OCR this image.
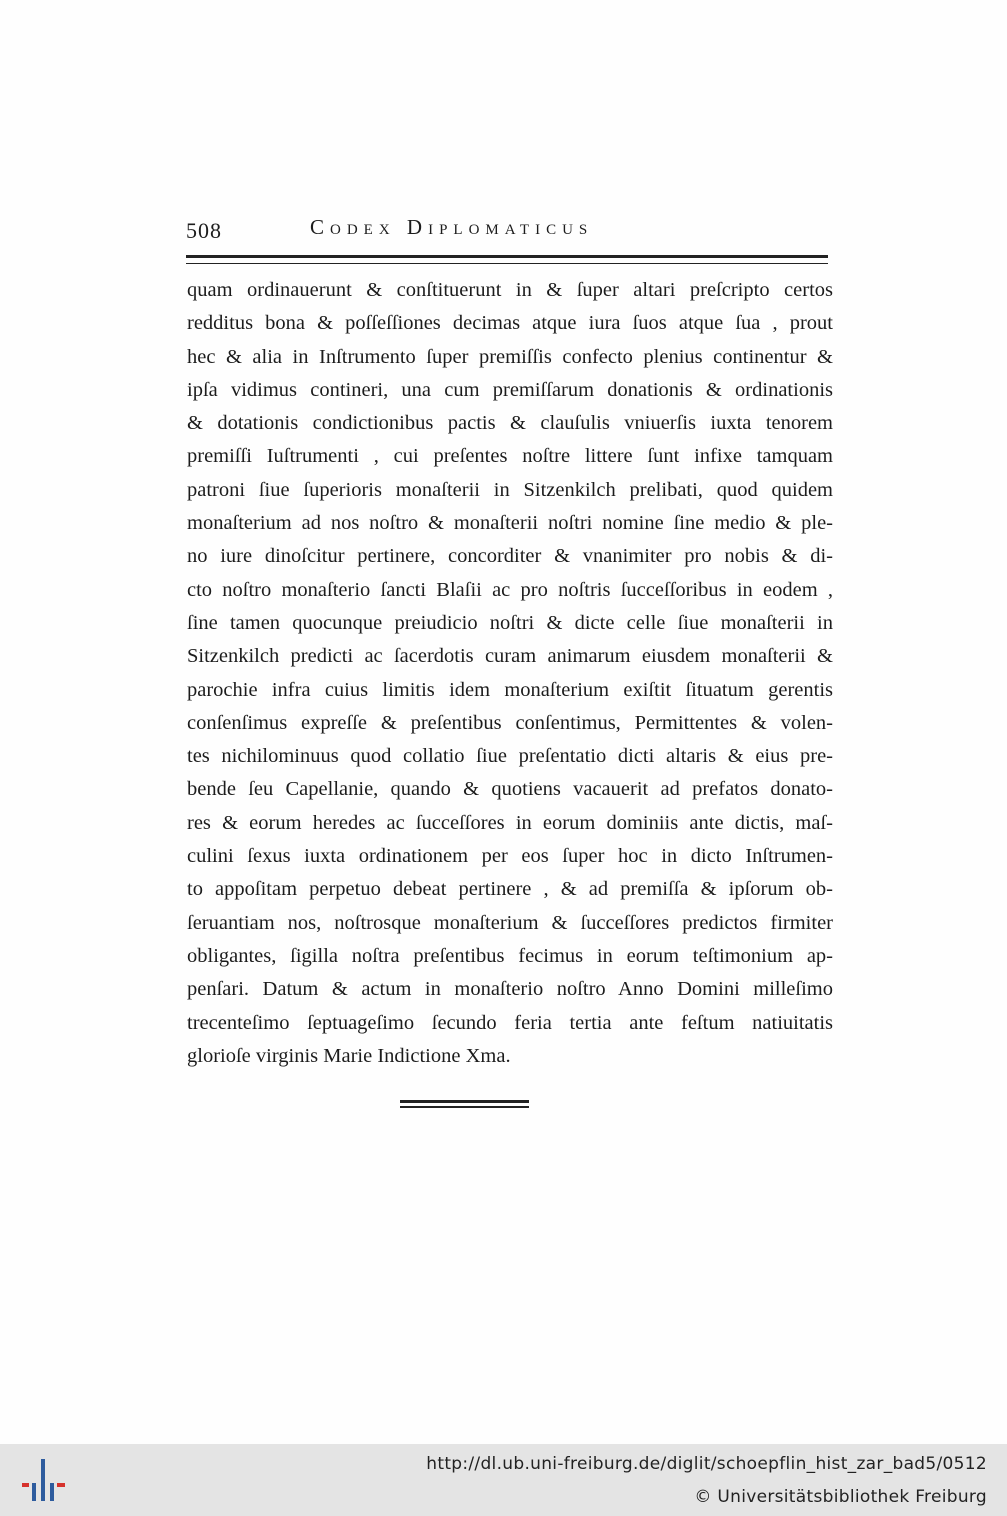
508	Codex Diplomaticus
quam ordinauerunt & conſtituerunt in & ſuper altari preſcripto certos
redditus bona & poſſeſſiones decimas atque iura ſuos atque ſua , prout
hec & alia in Inſtrumento ſuper premiſſis confecto plenius continentur &
ipſa vidimus contineri, una cum premiſſarum donationis & ordinationis
& dotationis condictionibus pactis & clauſulis vniuerſis iuxta tenorem
premiſſi Iuſtrumenti , cui preſentes noſtre littere ſunt infixe tamquam
patroni ſiue ſuperioris monaſterii in Sitzenkilch prelibati, quod quidem
monaſterium ad nos noſtro & monaſterii noſtri nomine ſine medio & ple-
no iure dinoſcitur pertinere, concorditer & vnanimiter pro nobis & di-
cto noſtro monaſterio ſancti Blaſii ac pro noſtris ſucceſſoribus in eodem ,
ſine tamen quocunque preiudicio noſtri & dicte celle ſiue monaſterii in
Sitzenkilch predicti ac ſacerdotis curam animarum eiusdem monaſterii &
parochie infra cuius limitis idem monaſterium exiſtit ſituatum gerentis
conſenſimus expreſſe & preſentibus conſentimus, Permittentes & volen-
tes nichilominuus quod collatio ſiue preſentatio dicti altaris & eius pre-
bende ſeu Capellanie, quando & quotiens vacauerit ad prefatos donato-
res & eorum heredes ac ſucceſſores in eorum dominiis ante dictis, maſ-
culini ſexus iuxta ordinationem per eos ſuper hoc in dicto Inſtrumen-
to appoſitam perpetuo debeat pertinere , & ad premiſſa & ipſorum ob-
ſeruantiam nos, noſtrosque monaſterium & ſucceſſores predictos firmiter
obligantes, ſigilla noſtra preſentibus fecimus in eorum teſtimonium ap-
penſari. Datum & actum in monaſterio noſtro Anno Domini milleſimo
trecenteſimo ſeptuageſimo ſecundo feria tertia ante feſtum natiuitatis
glorioſe virginis Marie Indictione Xma.
http://dl.ub.uni-freiburg.de/diglit/schoepflin_hist_zar_bad5/0512
© Universitätsbibliothek Freiburg
